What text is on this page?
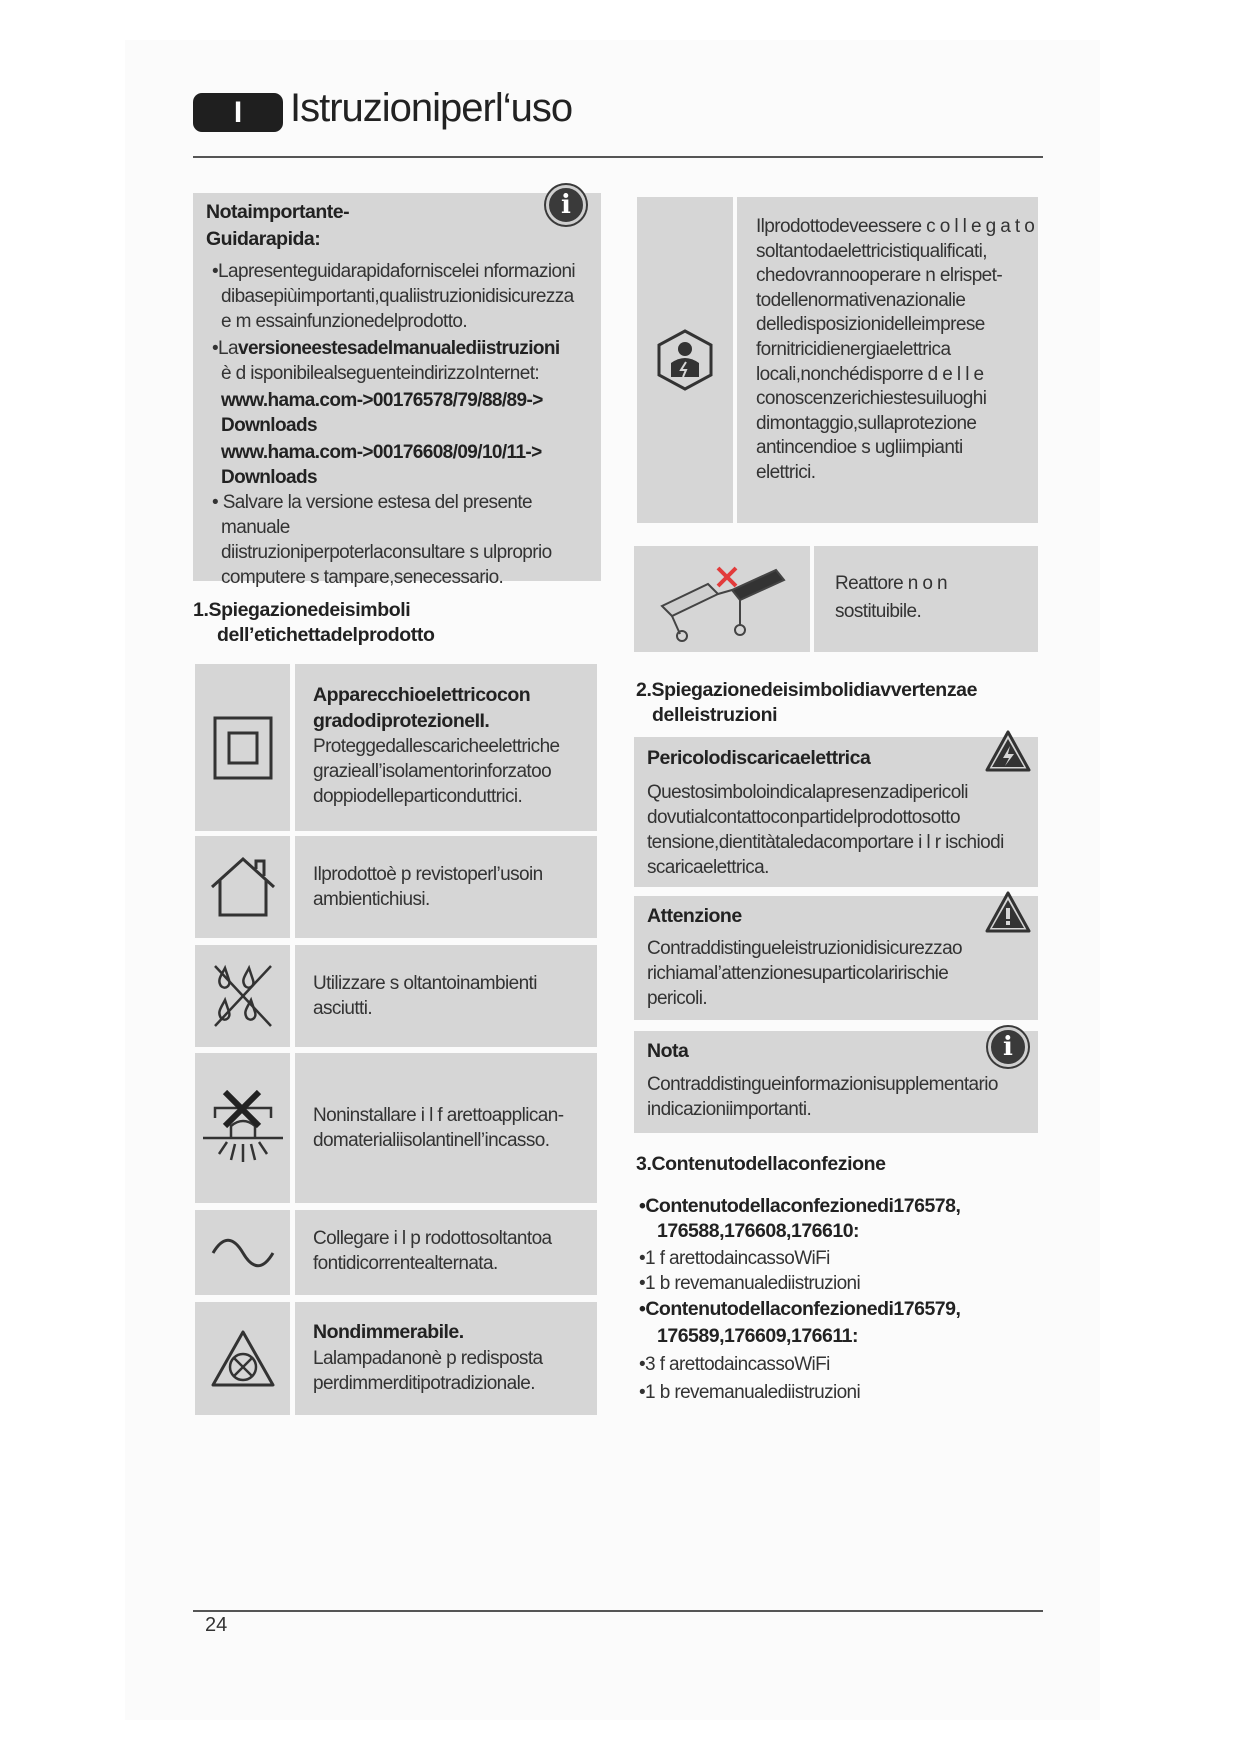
I	Istruzioniperl‘uso
i
Notaimportante-
Guidarapida:
•Lapresenteguidarapidaforniscelei nformazioni
dibasepiùimportanti,qualiistruzionidisicurezza
e m essainfunzionedelprodotto.
•Laversioneestesadelmanualediistruzioni
è d isponibilealseguenteindirizzoInternet:
www.hama.com->00176578/79/88/89->
Downloads
www.hama.com->00176608/09/10/11->
Downloads
• Salvare la versione estesa del presente manuale
diistruzioniperpoterlaconsultare s ulproprio
computere s tampare,senecessario.
1.Spiegazionedeisimboli
dell’etichettadelprodotto
Apparecchioelettricocon
gradodiprotezioneII.
Proteggedallescaricheelettriche
grazieall’isolamentorinforzatoo
doppiodelleparticonduttrici.
Ilprodottoè p revistoperl’usoin
ambientichiusi.
Utilizzare s oltantoinambienti
asciutti.
Noninstallare i l f arettoapplican-
domaterialiisolantinell’incasso.
Collegare i l p rodottosoltantoa
fontidicorrentealternata.
Nondimmerabile.
Lalampadanonè p redisposta
perdimmerditipotradizionale.
Ilprodottodeveessere c o l l e g a t o
soltantodaelettricistiqualificati,
chedovrannooperare n elrispet-
todellenormativenazionalie
delledisposizionidelleimprese
fornitricidienergiaelettrica
locali,nonchédisporre d e l l e
conoscenzerichiestesuiluoghi
dimontaggio,sullaprotezione
antincendioe s ugliimpianti
elettrici.
Reattore n o n
sostituibile.
2.Spiegazionedeisimbolidiavvertenzae
delleistruzioni
Pericolodiscaricaelettrica
Questosimboloindicalapresenzadipericoli
dovutialcontattoconpartidelprodottosotto
tensione,dientitàtaledacomportare i l r ischiodi
scaricaelettrica.
Attenzione
Contraddistingueleistruzionidisicurezzao
richiamal’attenzionesuparticolaririschie
pericoli.
i
Nota
Contraddistingueinformazionisupplementario
indicazioniimportanti.
3.Contenutodellaconfezione
•Contenutodellaconfezionedi176578,
176588,176608,176610:
•1 f arettodaincassoWiFi
•1 b revemanualediistruzioni
•Contenutodellaconfezionedi176579,
176589,176609,176611:
•3 f arettodaincassoWiFi
•1 b revemanualediistruzioni
24
